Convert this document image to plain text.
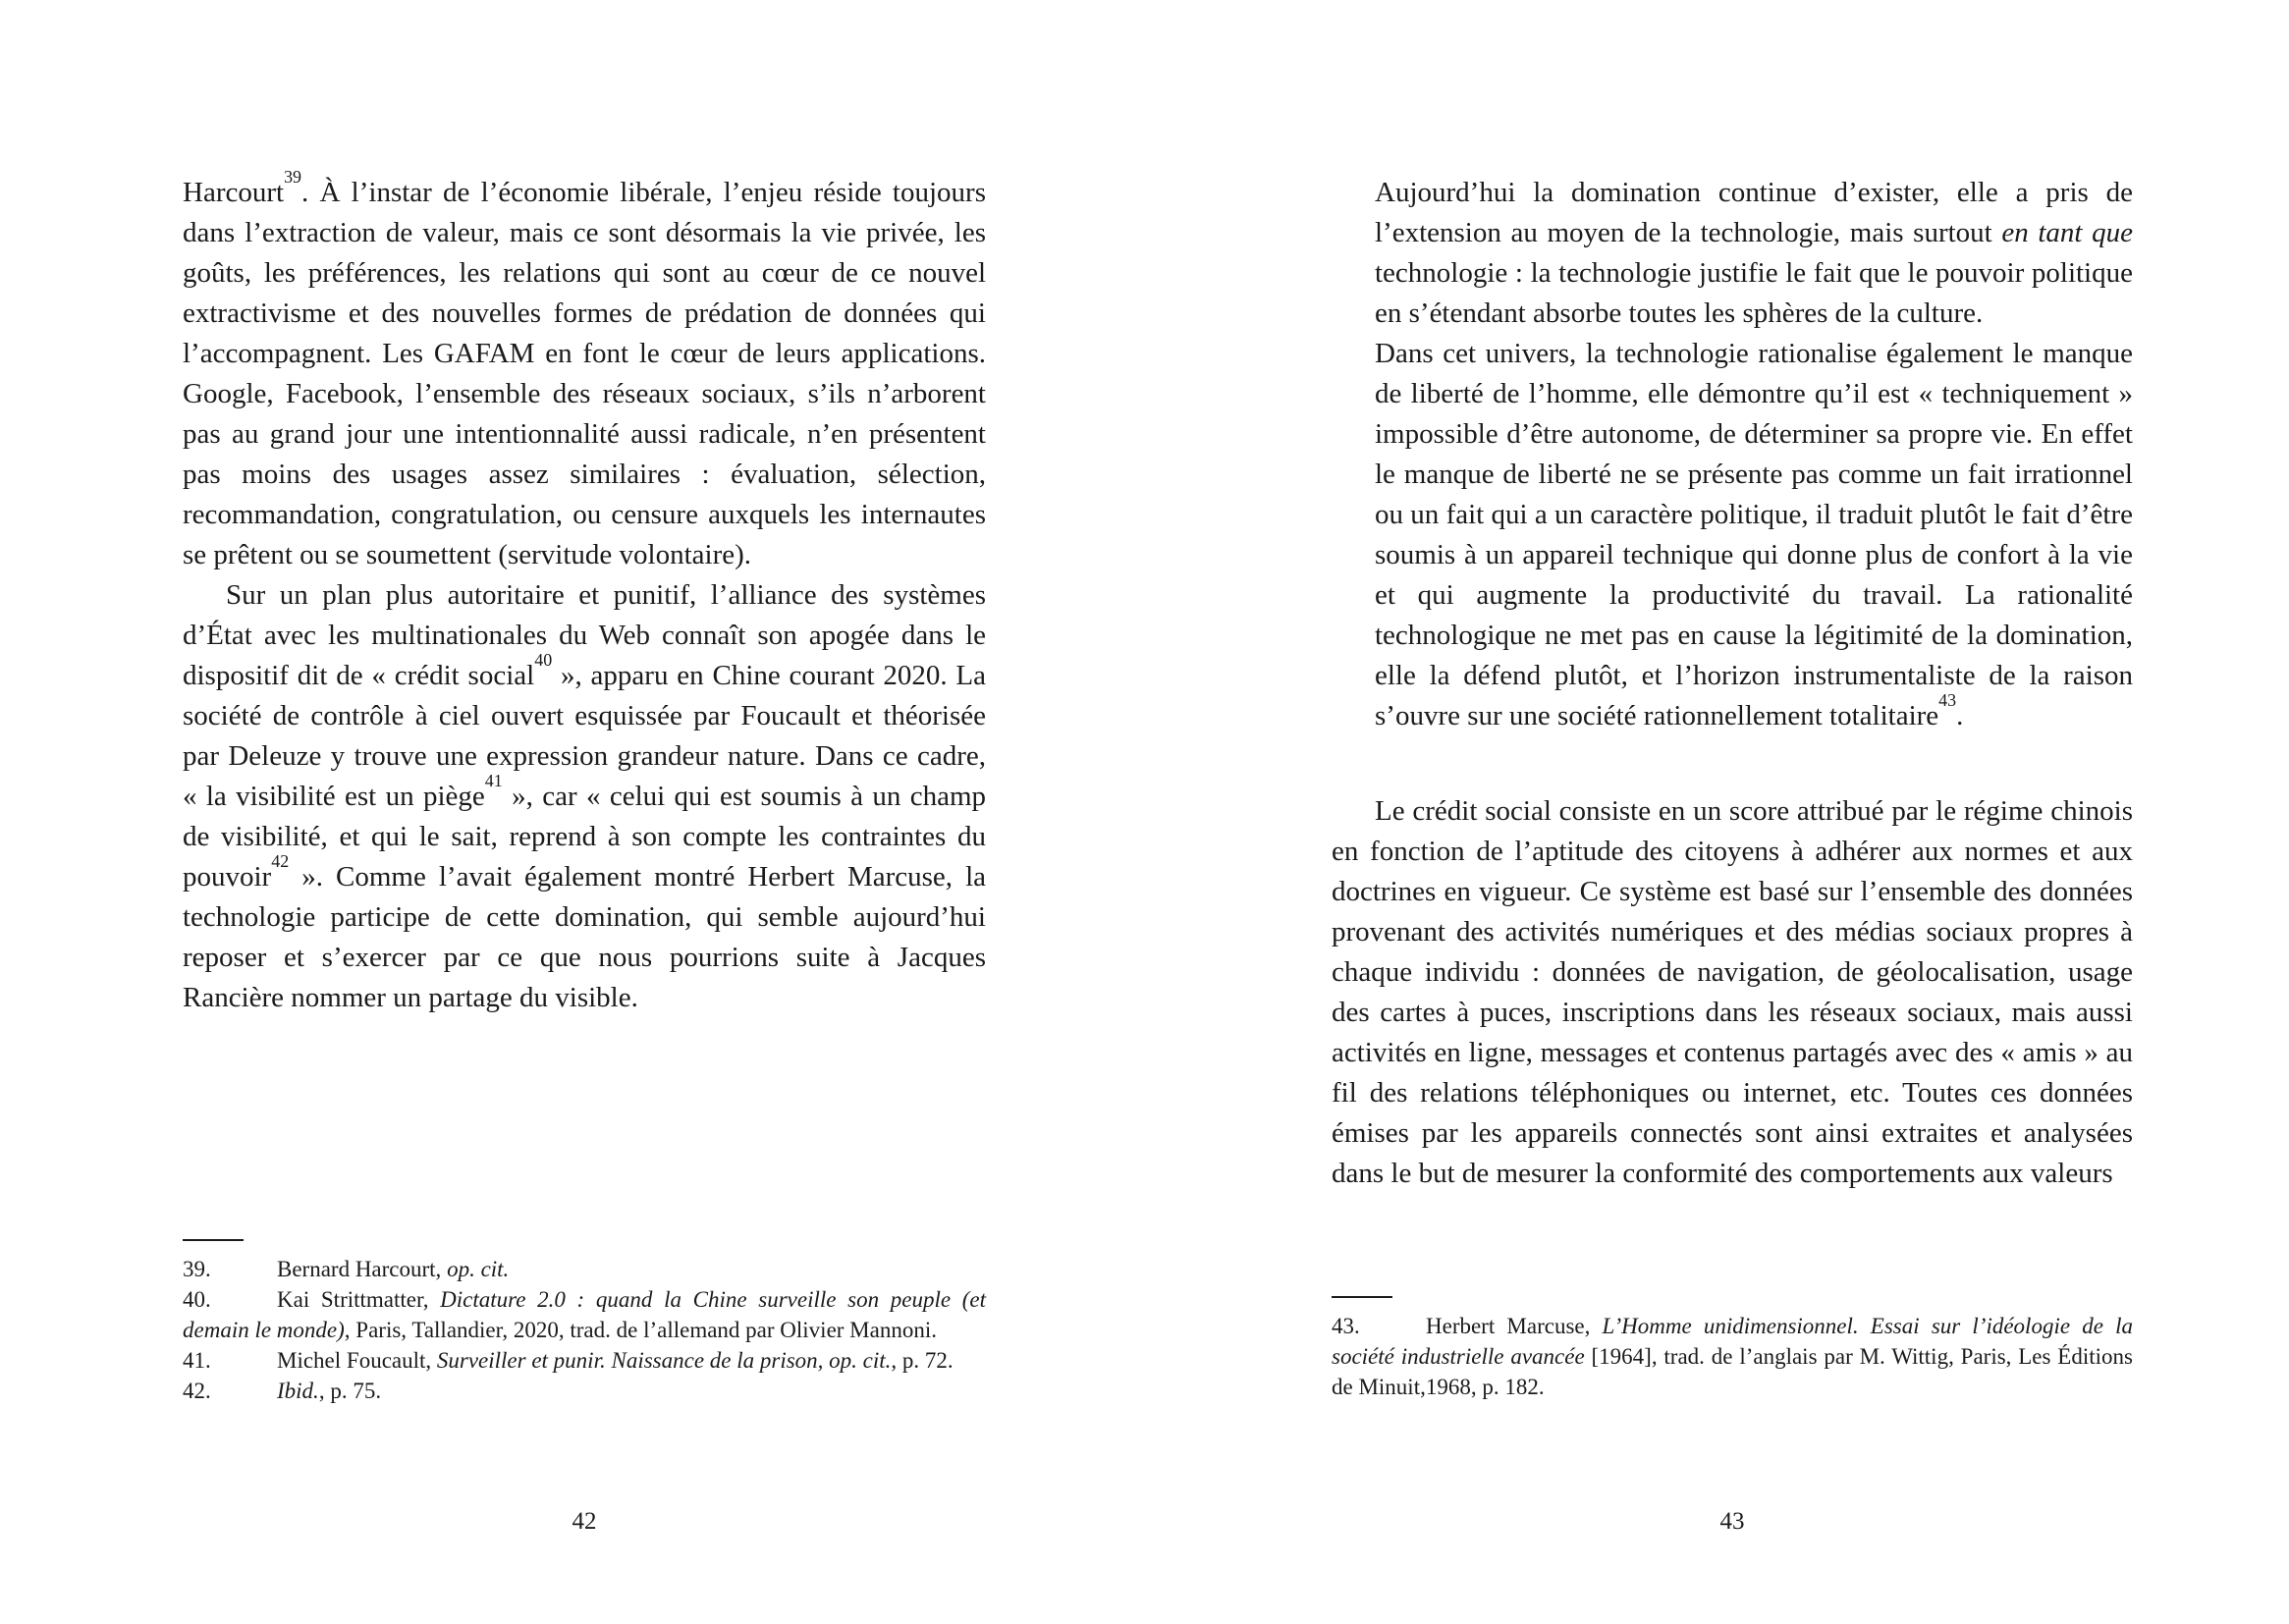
Harcourt$^{39}$. À l’instar de l’économie libérale, l’enjeu réside toujours dans l’extraction de valeur, mais ce sont désormais la vie privée, les goûts, les préférences, les relations qui sont au cœur de ce nouvel extractivisme et des nouvelles formes de prédation de données qui l’accompagnent. Les GAFAM en font le cœur de leurs applications. Google, Facebook, l’ensemble des réseaux sociaux, s’ils n’arborent pas au grand jour une intentionnalité aussi radicale, n’en présentent pas moins des usages assez similaires : évaluation, sélection, recommandation, congratulation, ou censure auxquels les internautes se prêtent ou se soumettent (servitude volontaire).

Sur un plan plus autoritaire et punitif, l’alliance des systèmes d’État avec les multinationales du Web connaît son apogée dans le dispositif dit de « crédit social$^{40}$ », apparu en Chine courant 2020. La société de contrôle à ciel ouvert esquissée par Foucault et théorisée par Deleuze y trouve une expression grandeur nature. Dans ce cadre, « la visibilité est un piège$^{41}$ », car « celui qui est soumis à un champ de visibilité, et qui le sait, reprend à son compte les contraintes du pouvoir$^{42}$ ». Comme l’avait également montré Herbert Marcuse, la technologie participe de cette domination, qui semble aujourd’hui reposer et s’exercer par ce que nous pourrions suite à Jacques Rancière nommer un partage du visible.

39.	Bernard Harcourt, op. cit.

40.	Kai Strittmatter, Dictature 2.0 : quand la Chine surveille son peuple (et demain le monde), Paris, Tallandier, 2020, trad. de l’allemand par Olivier Mannoni.

41.	Michel Foucault, Surveiller et punir. Naissance de la prison, op. cit., p. 72.

42.	Ibid., p. 75.

42

Aujourd’hui la domination continue d’exister, elle a pris de l’extension au moyen de la technologie, mais surtout en tant que technologie : la technologie justifie le fait que le pouvoir politique en s’étendant absorbe toutes les sphères de la culture.

Dans cet univers, la technologie rationalise également le manque de liberté de l’homme, elle démontre qu’il est « techniquement » impossible d’être autonome, de déterminer sa propre vie. En effet le manque de liberté ne se présente pas comme un fait irrationnel ou un fait qui a un caractère politique, il traduit plutôt le fait d’être soumis à un appareil technique qui donne plus de confort à la vie et qui augmente la productivité du travail. La rationalité technologique ne met pas en cause la légitimité de la domination, elle la défend plutôt, et l’horizon instrumentaliste de la raison s’ouvre sur une société rationnellement totalitaire$^{43}$.

Le crédit social consiste en un score attribué par le régime chinois en fonction de l’aptitude des citoyens à adhérer aux normes et aux doctrines en vigueur. Ce système est basé sur l’ensemble des données provenant des activités numériques et des médias sociaux propres à chaque individu : données de navigation, de géolocalisation, usage des cartes à puces, inscriptions dans les réseaux sociaux, mais aussi activités en ligne, messages et contenus partagés avec des « amis » au fil des relations téléphoniques ou internet, etc. Toutes ces données émises par les appareils connectés sont ainsi extraites et analysées dans le but de mesurer la conformité des comportements aux valeurs

43.	Herbert Marcuse, L’Homme unidimensionnel. Essai sur l’idéologie de la société industrielle avancée [1964], trad. de l’anglais par M. Wittig, Paris, Les Éditions de Minuit,1968, p. 182.

43
